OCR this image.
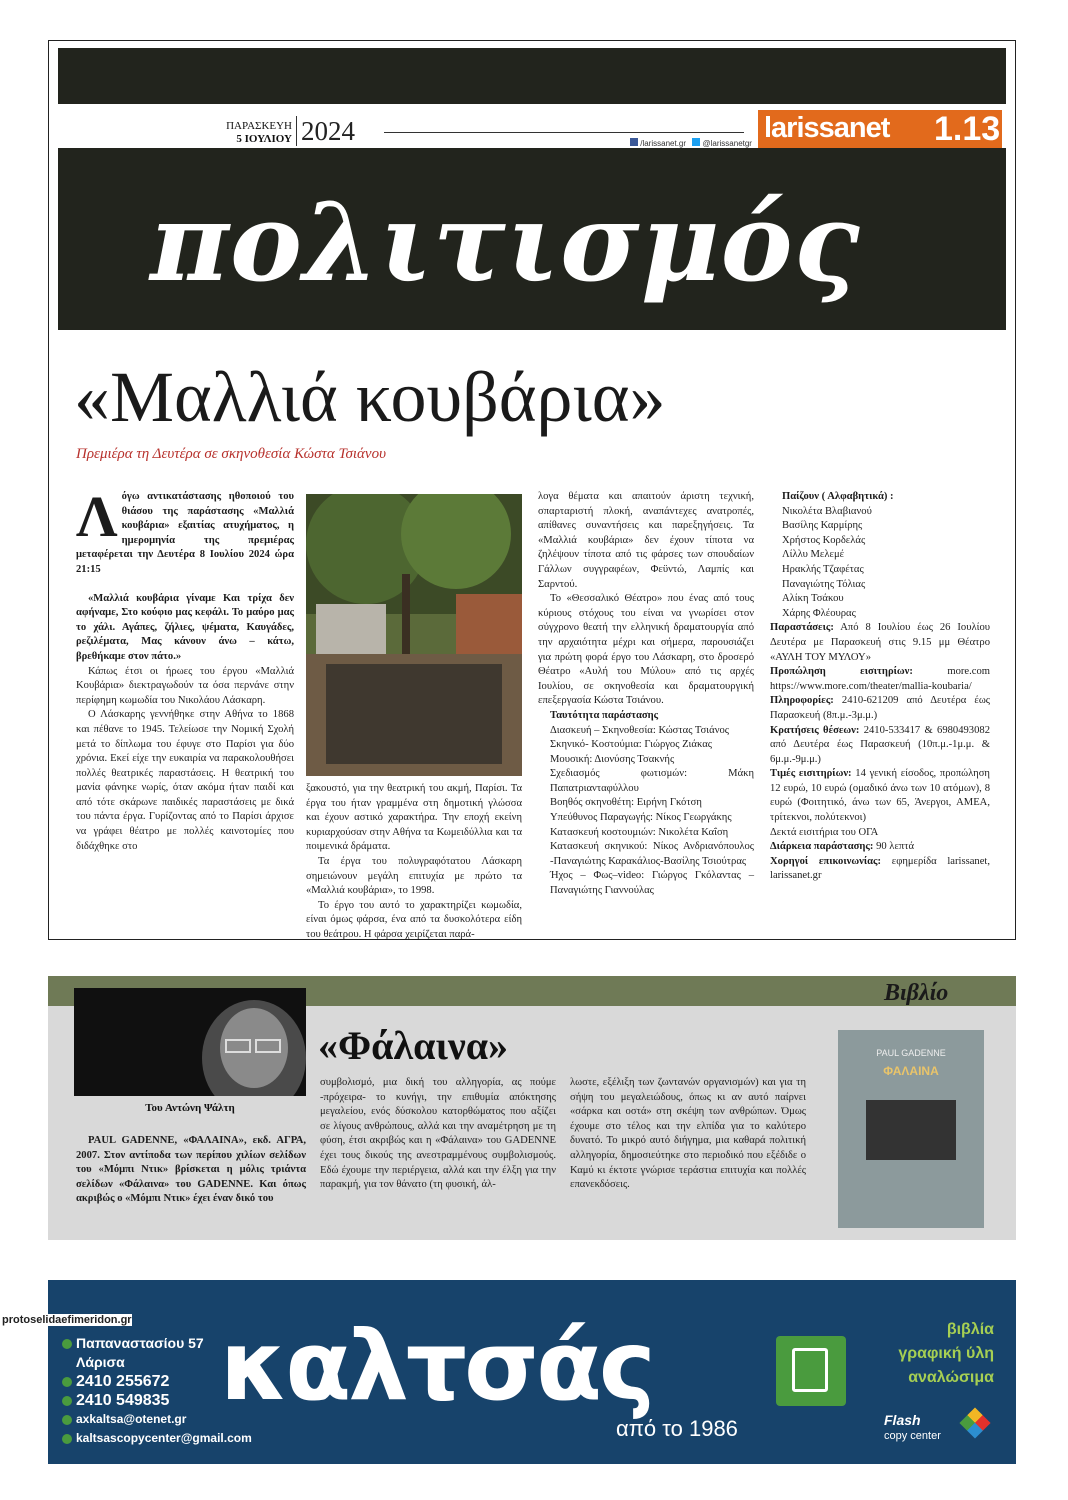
ΠΑΡΑΣΚΕΥΗ
5 ΙΟΥΛΙΟΥ 2024	/larissanet.gr @larissanetgr larissanet 1.13
πολιτισμός
«Μαλλιά κουβάρια»
Πρεμιέρα τη Δευτέρα σε σκηνοθεσία Κώστα Τσιάνου
Λ όγω αντικατάστασης ηθοποιού του θιάσου της παράστασης «Μαλλιά κουβάρια» εξαιτίας ατυχήματος, η ημερομηνία της πρεμιέρας μεταφέρεται την Δευτέρα 8 Ιουλίου 2024 ώρα 21:15

«Μαλλιά κουβάρια γίναμε Και τρίχα δεν αφήναμε, Στο κούφιο μας κεφάλι. Το μαύρο μας το χάλι. Αγάπες, ζήλιες, ψέματα, Καυγάδες, ρεζιλέματα, Μας κάνουν άνω – κάτω, βρεθήκαμε στον πάτο.»

Κάπως έτσι οι ήρωες του έργου «Μαλλιά Κουβάρια» διεκτραγωδούν τα όσα περνάνε στην περίφημη κωμωδία του Νικολάου Λάσκαρη.

Ο Λάσκαρης γεννήθηκε στην Αθήνα το 1868 και πέθανε το 1945. Τελείωσε την Νομική Σχολή μετά το δίπλωμα του έφυγε στο Παρίσι για δύο χρόνια. Εκεί είχε την ευκαιρία να παρακολουθήσει πολλές θεατρικές παραστάσεις. Η θεατρική του μανία φάνηκε νωρίς, όταν ακόμα ήταν παιδί και από τότε σκάρωνε παιδικές παραστάσεις με δικά του πάντα έργα. Γυρίζοντας από το Παρίσι άρχισε να γράφει θέατρο με πολλές καινοτομίες που διδάχθηκε στο

ξακουστό, για την θεατρική του ακμή, Παρίσι. Τα έργα του ήταν γραμμένα στη δημοτική γλώσσα και έχουν αστικό χαρακτήρα. Την εποχή εκείνη κυριαρχούσαν στην Αθήνα τα Κωμειδύλλια και τα ποιμενικά δράματα.

Τα έργα του πολυγραφότατου Λάσκαρη σημειώνουν μεγάλη επιτυχία με πρώτο τα «Μαλλιά κουβάρια», το 1998.

Το έργο του αυτό το χαρακτηρίζει κωμωδία, είναι όμως φάρσα, ένα από τα δυσκολότερα είδη του θεάτρου. Η φάρσα χειρίζεται παρά-

λογα θέματα και απαιτούν άριστη τεχνική, σπαρταριστή πλοκή, αναπάντεχες ανατροπές, απίθανες συναντήσεις και παρεξηγήσεις. Τα «Μαλλιά κουβάρια» δεν έχουν τίποτα να ζηλέψουν τίποτα από τις φάρσες των σπουδαίων Γάλλων συγγραφέων, Φεϋντώ, Λαμπίς και Σαρντού.

Το «Θεσσαλικό Θέατρο» που ένας από τους κύριους στόχους του είναι να γνωρίσει στον σύγχρονο θεατή την ελληνική δραματουργία από την αρχαιότητα μέχρι και σήμερα, παρουσιάζει για πρώτη φορά έργο του Λάσκαρη, στο δροσερό Θέατρο «Αυλή του Μύλου» από τις αρχές Ιουλίου, σε σκηνοθεσία και δραματουργική επεξεργασία Κώστα Τσιάνου.

Ταυτότητα παράστασης

Διασκευή – Σκηνοθεσία: Κώστας Τσιάνος

Σκηνικό- Κοστούμια: Γιώργος Ζιάκας

Μουσική: Διονύσης Τσακνής

Σχεδιασμός φωτισμών: Μάκη Παπατριανταφύλλου

Βοηθός σκηνοθέτη: Ειρήνη Γκότση

Υπεύθυνος Παραγωγής: Νίκος Γεωργάκης

Κατασκευή κοστουμιών: Νικολέτα Καΐση

Κατασκευή σκηνικού: Νίκος Ανδριανόπουλος -Παναγιώτης Καρακάλιος-Βασίλης Τσιούτρας

Ήχος – Φως–video: Γιώργος Γκόλαντας – Παναγιώτης Γιαννούλας

Παίζουν ( Αλφαβητικά) :

Νικολέτα Βλαβιανού

Βασίλης Καρμίρης

Χρήστος Κορδελάς

Λίλλυ Μελεμέ

Ηρακλής Τζαφέτας

Παναγιώτης Τόλιας

Αλίκη Τσάκου

Χάρης Φλέουρας

Παραστάσεις: Από 8 Ιουλίου έως 26 Ιουλίου Δευτέρα με Παρασκευή στις 9.15 μμ Θέατρο «ΑΥΛΗ ΤΟΥ ΜΥΛΟΥ»

Προπώληση εισιτηρίων:	more.com https://www.more.com/theater/mallia-koubaria/

Πληροφορίες: 2410-621209 από Δευτέρα έως Παρασκευή (8π.μ.-3μ.μ.)

Κρατήσεις θέσεων: 2410-533417 & 6980493082 από Δευτέρα έως Παρασκευή (10π.μ.-1μ.μ. & 6μ.μ.-9μ.μ.)

Τιμές εισιτηρίων: 14 γενική είσοδος, προπώληση 12 ευρώ, 10 ευρώ (ομαδικό άνω των 10 ατόμων), 8 ευρώ (Φοιτητικό, άνω των 65, Άνεργοι, ΑΜΕΑ, τρίτεκνοι, πολύτεκνοι)

Δεκτά εισιτήρια του ΟΓΑ

Διάρκεια παράστασης: 90 λεπτά

Χορηγοί επικοινωνίας: εφημερίδα larissanet, larissanet.gr

Βιβλίο
Του Αντώνη Ψάλτη
«Φάλαινα»

PAUL GADENNE, «ΦΑΛΑΙΝΑ», εκδ. ΑΓΡΑ, 2007. Στον αντίποδα των περίπου χιλίων σελίδων του «Μόμπι Ντικ» βρίσκεται η μόλις τριάντα σελίδων «Φάλαινα» του GADENNE. Και όπως ακριβώς ο «Μόμπι Ντικ» έχει έναν δικό του

συμβολισμό, μια δική του αλληγορία, ας πούμε -πρόχειρα- το κυνήγι, την επιθυμία απόκτησης μεγαλείου, ενός δύσκολου κατορθώματος που αξίζει σε λίγους ανθρώπους, αλλά και την αναμέτρηση με τη φύση, έτσι ακριβώς και η «Φάλαινα» του GADENNE έχει τους δικούς της ανεστραμμένους συμβολισμούς. Εδώ έχουμε την περιέργεια, αλλά και την έλξη για την παρακμή, για τον θάνατο (τη φυσική, άλ-

λωστε, εξέλιξη των ζωντανών οργανισμών) και για τη σήψη του μεγαλειώδους, όπως κι αν αυτό παίρνει «σάρκα και οστά» στη σκέψη των ανθρώπων. Όμως έχουμε στο τέλος και την ελπίδα για το καλύτερο δυνατό. Το μικρό αυτό διήγημα, μια καθαρά πολιτική αλληγορία, δημοσιεύτηκε στο περιοδικό που εξέδιδε ο Καμύ κι έκτοτε γνώρισε τεράστια επιτυχία και πολλές επανεκδόσεις.

PAUL GADENNE
ΦΑΛΑΙΝΑ
protoselidaefimeridon.gr
Παπαναστασίου 57
Λάρισα
2410 255672
2410 549835
axkaltsa@otenet.gr
kaltsascopycenter@gmail.com
καλτσάς
από το 1986
βιβλία
γραφική ύλη
αναλώσιμα
Flash
copy center
